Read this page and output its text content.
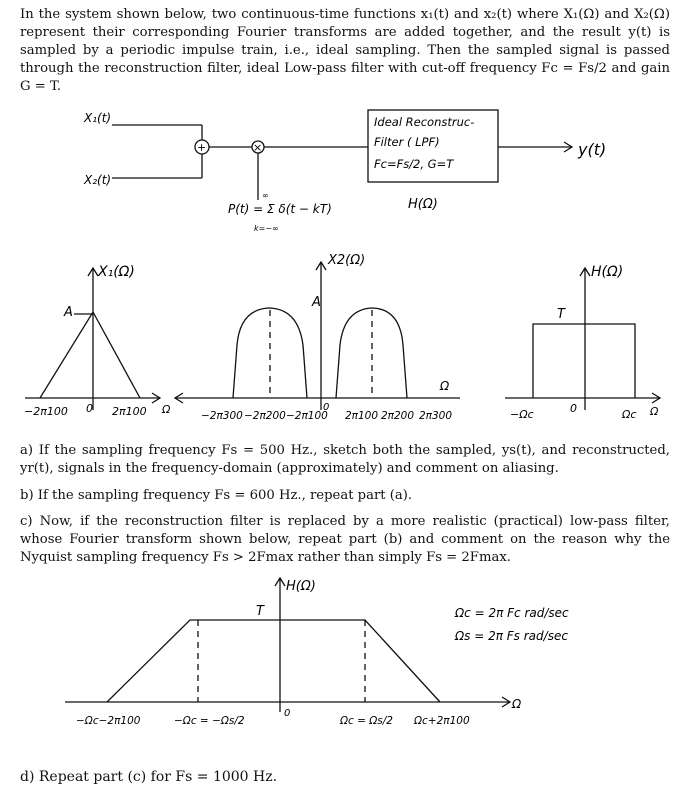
In the system shown below, two continuous-time functions x₁(t) and x₂(t) where X₁(Ω) and X₂(Ω) represent their corresponding Fourier transforms are added together, and the result y(t) is sampled by a periodic impulse train, i.e., ideal sampling. Then the sampled signal is passed through the reconstruction filter, ideal Low-pass filter with cut-off frequency Fc = Fs/2 and gain G = T.
X₁(t)
X₂(t)
+	×
P(t) = Σ δ(t − kT)
∞
k=−∞
Ideal Reconstruc-
Filter ( LPF)
Fc=Fs/2, G=T
H(Ω)
y(t)
X₁(Ω)
A
−2π100 0 2π100 Ω
X2(Ω)
A
−2π300 −2π200 −2π100
0
2π100 2π200 2π300
Ω
H(Ω)
T
−Ωc	0	Ωc Ω
a) If the sampling frequency Fs = 500 Hz., sketch both the sampled, ys(t), and reconstructed, yr(t), signals in the frequency-domain (approximately) and comment on aliasing.
b) If the sampling frequency Fs = 600 Hz., repeat part (a).
c) Now, if the reconstruction filter is replaced by a more realistic (practical) low-pass filter, whose Fourier transform shown below, repeat part (b) and comment on the reason why the Nyquist sampling frequency Fs > 2Fmax rather than simply Fs = 2Fmax.
H(Ω)
T
−Ωc−2π100	−Ωc = −Ωs/2
0
Ωc = Ωs/2 Ωc+2π100
Ω
Ωc = 2π Fc rad/sec
Ωs = 2π Fs rad/sec
d) Repeat part (c) for Fs = 1000 Hz.
